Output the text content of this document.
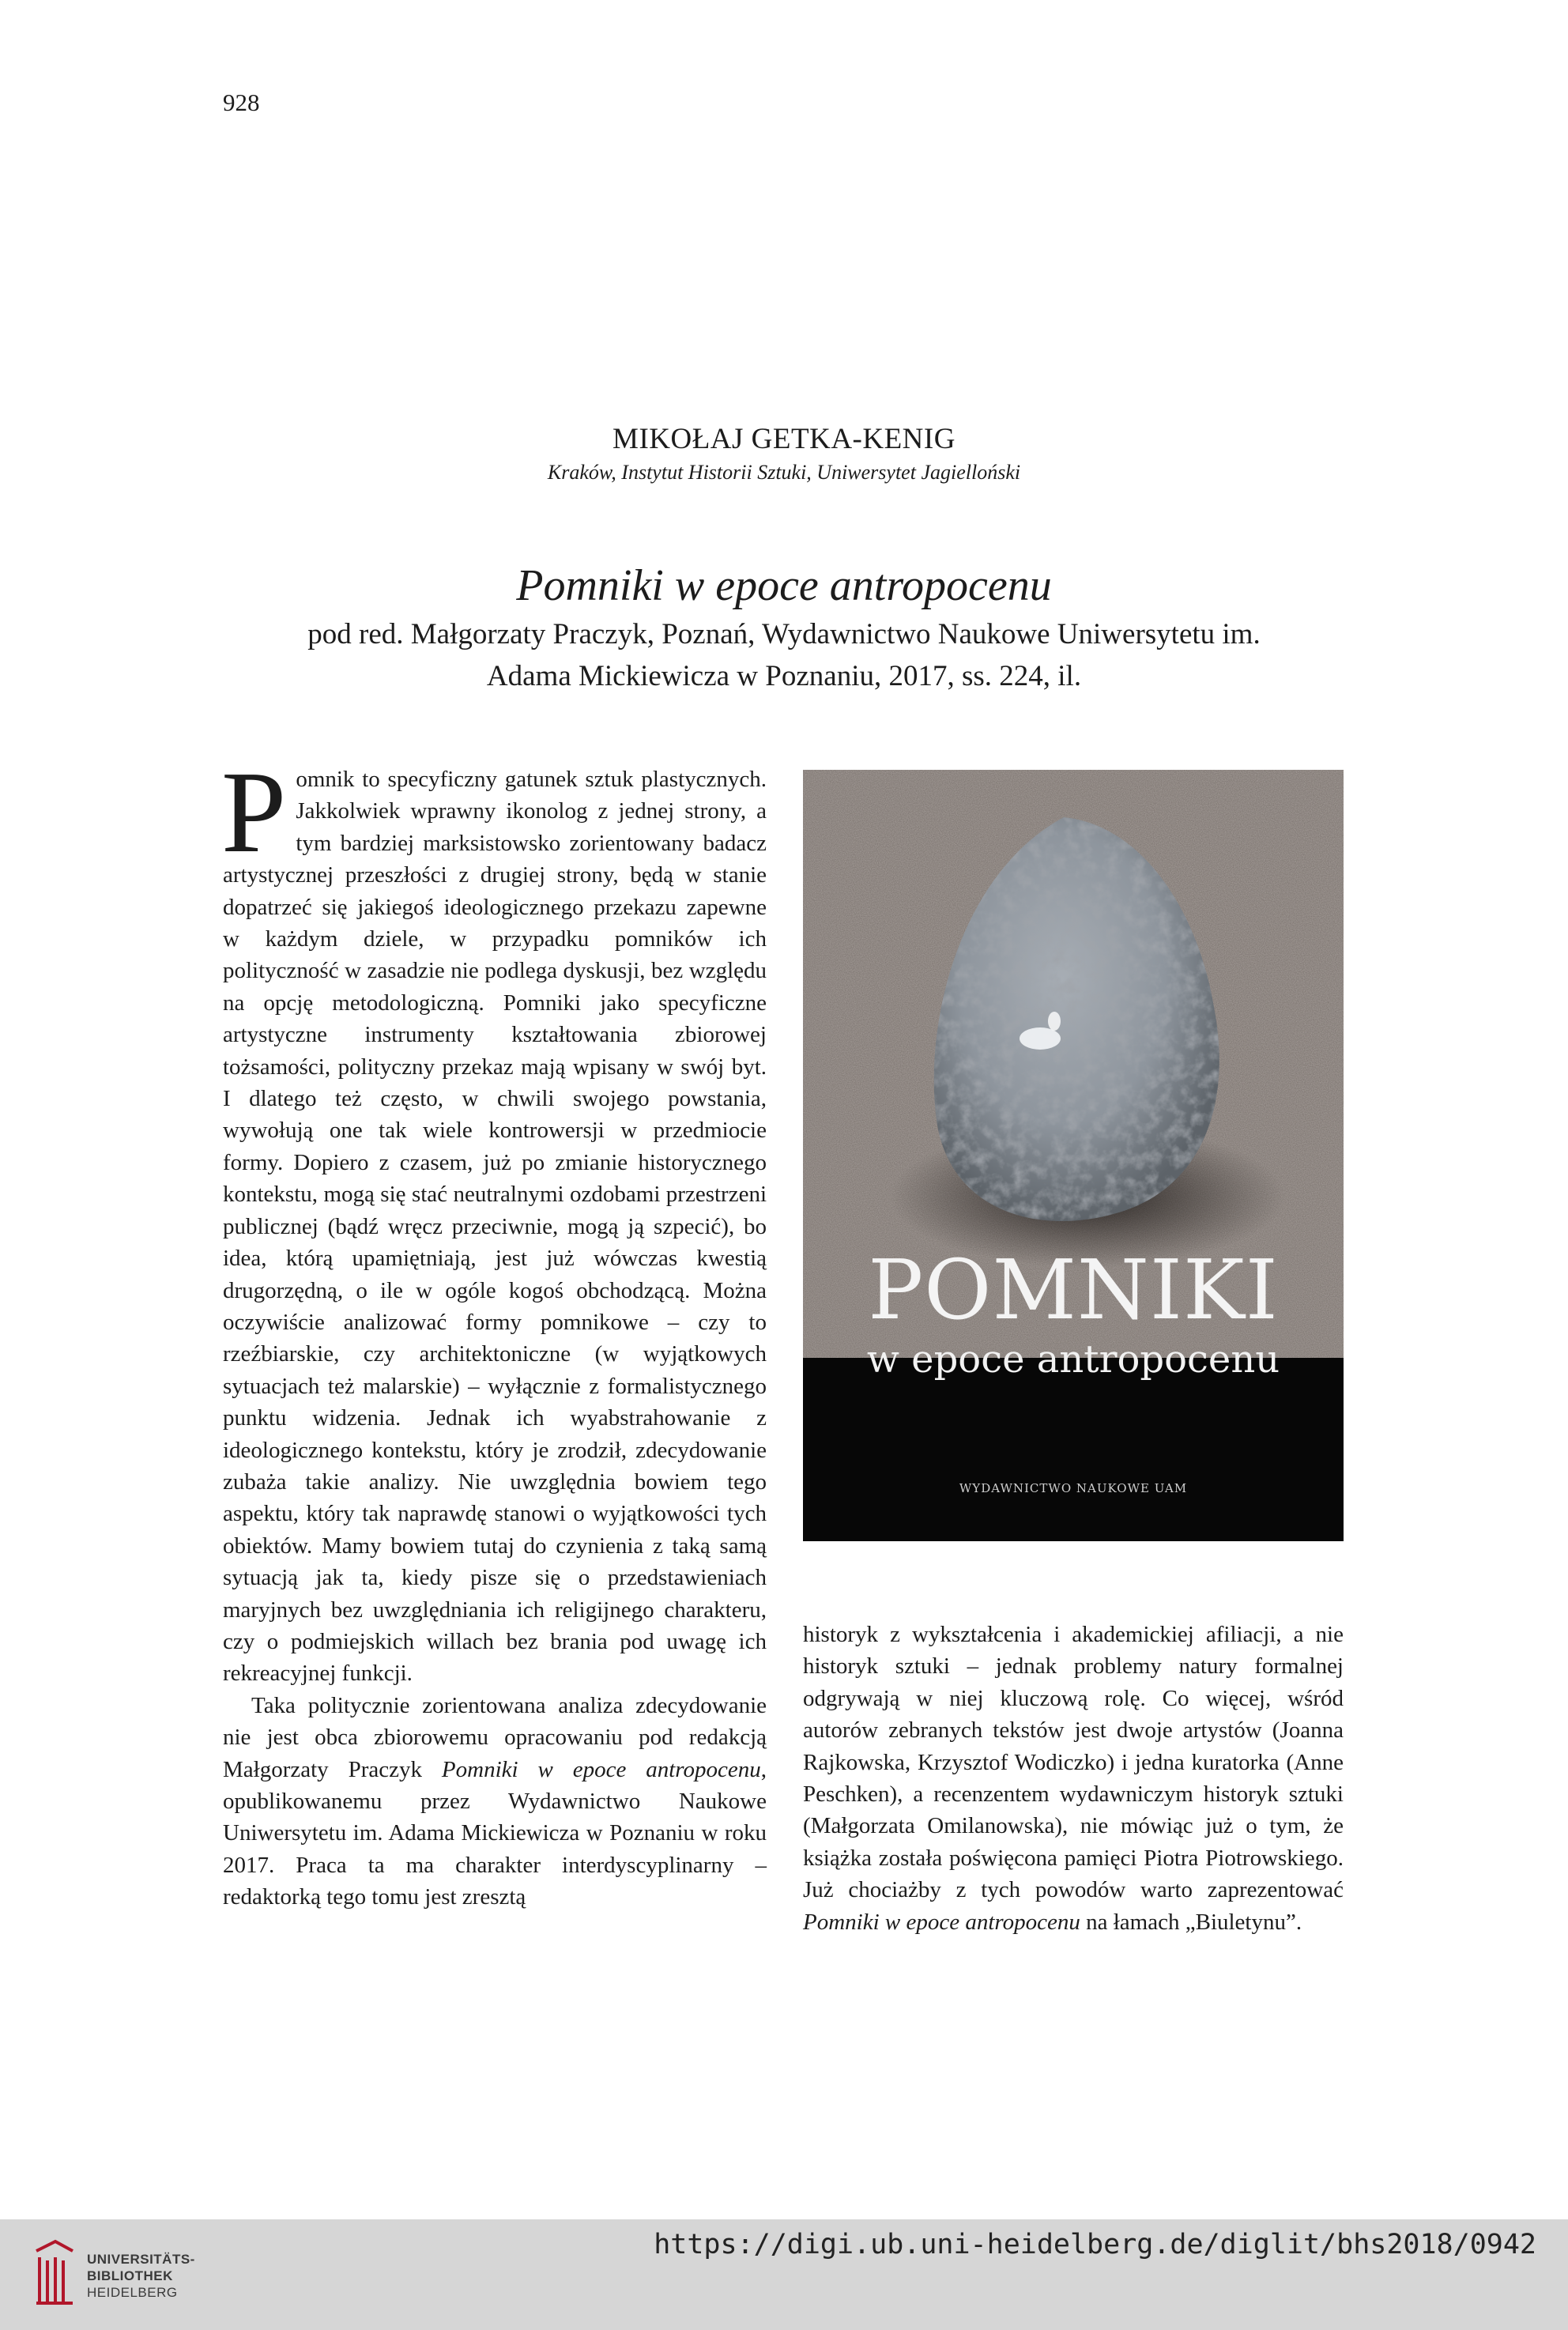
928
MIKOŁAJ GETKA-KENIG
Kraków, Instytut Historii Sztuki, Uniwersytet Jagielloński
Pomniki w epoce antropocenu
pod red. Małgorzaty Praczyk, Poznań, Wydawnictwo Naukowe Uniwersytetu im.
Adama Mickiewicza w Poznaniu, 2017, ss. 224, il.

Pomnik to specyficzny gatunek sztuk plastycznych. Jakkolwiek wprawny ikonolog z jednej strony, a tym bardziej marksistowsko zorientowany badacz artystycznej przeszłości z drugiej strony, będą w stanie dopatrzeć się jakiegoś ideologicznego przekazu zapewne w każdym dziele, w przypadku pomników ich polityczność w zasadzie nie podlega dyskusji, bez względu na opcję metodologiczną. Pomniki jako specyficzne artystyczne instrumenty kształtowania zbiorowej tożsamości, polityczny przekaz mają wpisany w swój byt. I dlatego też często, w chwili swojego powstania, wywołują one tak wiele kontrowersji w przedmiocie formy. Dopiero z czasem, już po zmianie historycznego kontekstu, mogą się stać neutralnymi ozdobami przestrzeni publicznej (bądź wręcz przeciwnie, mogą ją szpecić), bo idea, którą upamiętniają, jest już wówczas kwestią drugorzędną, o ile w ogóle kogoś obchodzącą. Można oczywiście analizować formy pomnikowe – czy to rzeźbiarskie, czy architektoniczne (w wyjątkowych sytuacjach też malarskie) – wyłącznie z formalistycznego punktu widzenia. Jednak ich wyabstrahowanie z ideologicznego kontekstu, który je zrodził, zdecydowanie zubaża takie analizy. Nie uwzględnia bowiem tego aspektu, który tak naprawdę stanowi o wyjątkowości tych obiektów. Mamy bowiem tutaj do czynienia z taką samą sytuacją jak ta, kiedy pisze się o przedstawieniach maryjnych bez uwzględniania ich religijnego charakteru, czy o podmiejskich willach bez brania pod uwagę ich rekreacyjnej funkcji.

Taka politycznie zorientowana analiza zdecydowanie nie jest obca zbiorowemu opracowaniu pod redakcją Małgorzaty Praczyk Pomniki w epoce antropocenu, opublikowanemu przez Wydawnictwo Naukowe Uniwersytetu im. Adama Mickiewicza w Poznaniu w roku 2017. Praca ta ma charakter interdyscyplinarny – redaktorką tego tomu jest zresztą

POMNIKI
w epoce antropocenu
WYDAWNICTWO NAUKOWE UAM

historyk z wykształcenia i akademickiej afiliacji, a nie historyk sztuki – jednak problemy natury formalnej odgrywają w niej kluczową rolę. Co więcej, wśród autorów zebranych tekstów jest dwoje artystów (Joanna Rajkowska, Krzysztof Wodiczko) i jedna kuratorka (Anne Peschken), a recenzentem wydawniczym historyk sztuki (Małgorzata Omilanowska), nie mówiąc już o tym, że książka została poświęcona pamięci Piotra Piotrowskiego. Już chociażby z tych powodów warto zaprezentować Pomniki w epoce antropocenu na łamach „Biuletynu”.

UNIVERSITÄTS-
BIBLIOTHEK
HEIDELBERG
https://digi.ub.uni-heidelberg.de/diglit/bhs2018/0942
